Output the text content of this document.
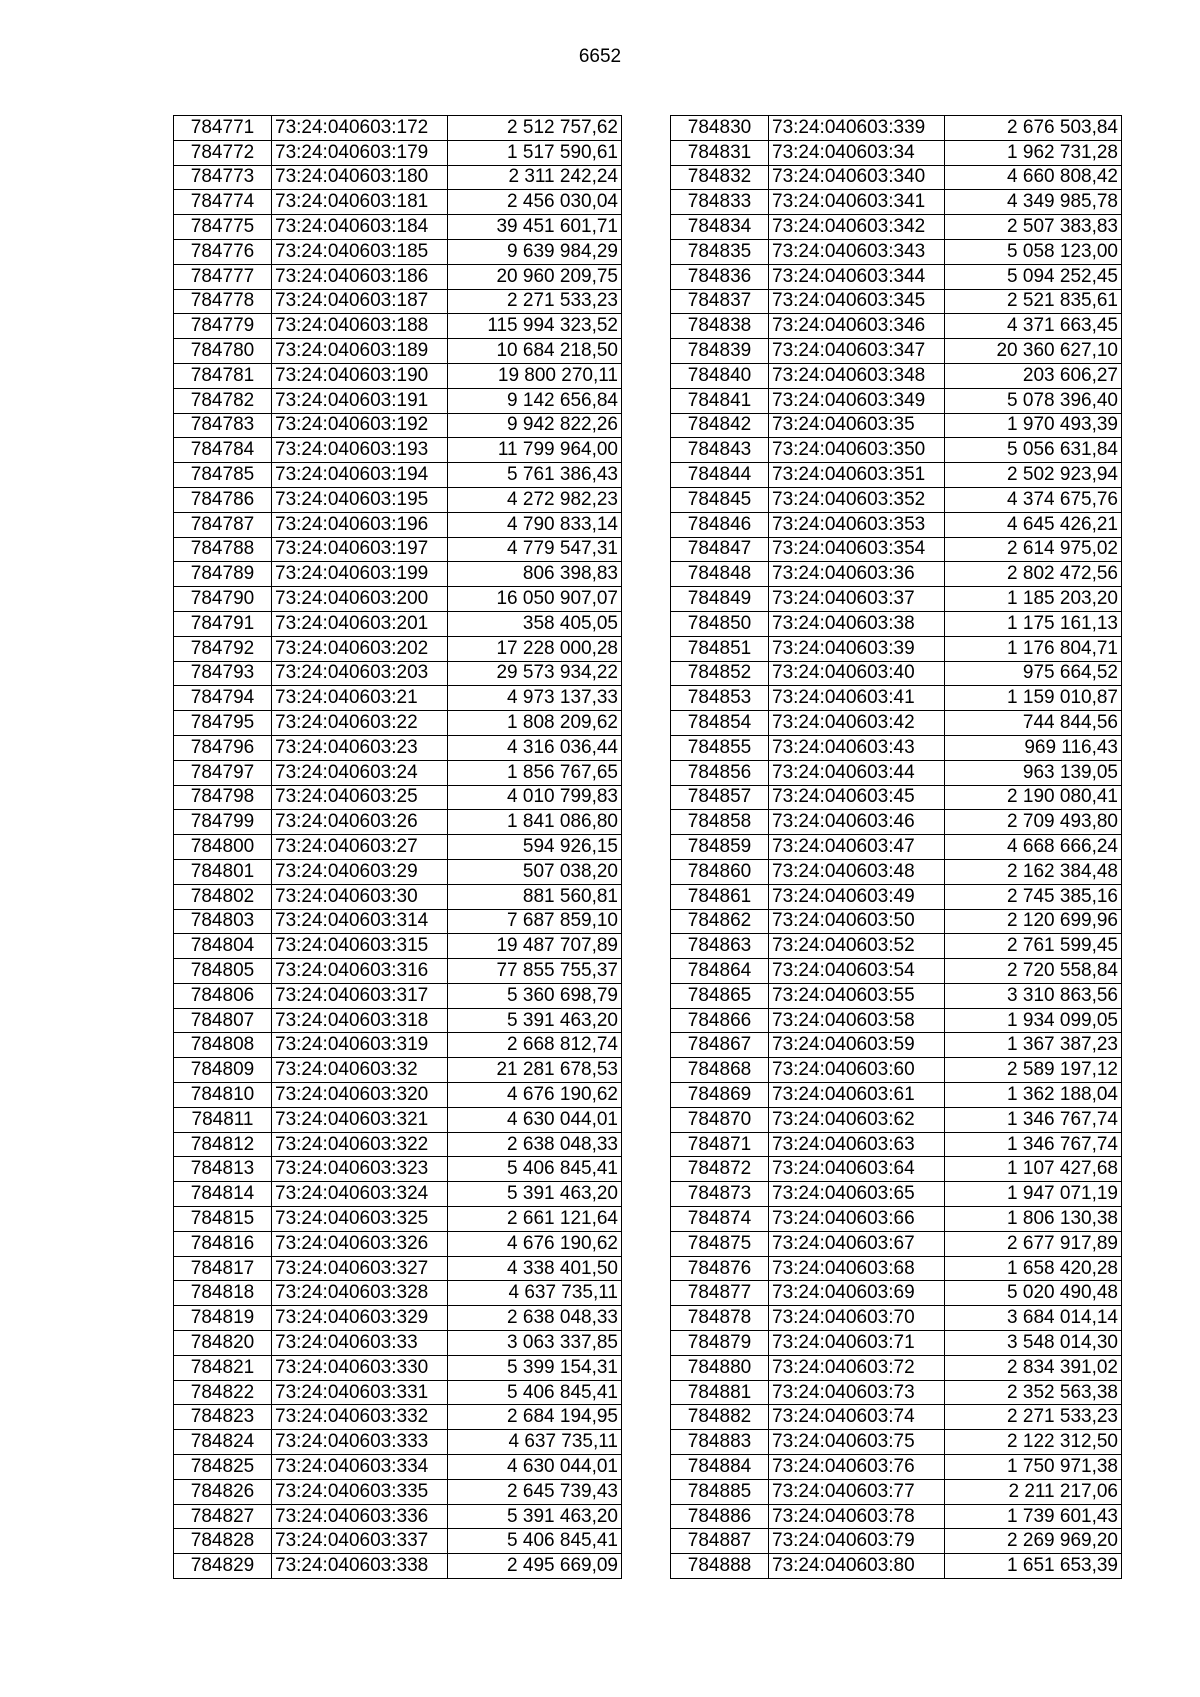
6652
784771	73:24:040603:172	2 512 757,62
784772	73:24:040603:179	1 517 590,61
784773	73:24:040603:180	2 311 242,24
784774	73:24:040603:181	2 456 030,04
784775	73:24:040603:184	39 451 601,71
784776	73:24:040603:185	9 639 984,29
784777	73:24:040603:186	20 960 209,75
784778	73:24:040603:187	2 271 533,23
784779	73:24:040603:188	115 994 323,52
784780	73:24:040603:189	10 684 218,50
784781	73:24:040603:190	19 800 270,11
784782	73:24:040603:191	9 142 656,84
784783	73:24:040603:192	9 942 822,26
784784	73:24:040603:193	11 799 964,00
784785	73:24:040603:194	5 761 386,43
784786	73:24:040603:195	4 272 982,23
784787	73:24:040603:196	4 790 833,14
784788	73:24:040603:197	4 779 547,31
784789	73:24:040603:199	806 398,83
784790	73:24:040603:200	16 050 907,07
784791	73:24:040603:201	358 405,05
784792	73:24:040603:202	17 228 000,28
784793	73:24:040603:203	29 573 934,22
784794	73:24:040603:21	4 973 137,33
784795	73:24:040603:22	1 808 209,62
784796	73:24:040603:23	4 316 036,44
784797	73:24:040603:24	1 856 767,65
784798	73:24:040603:25	4 010 799,83
784799	73:24:040603:26	1 841 086,80
784800	73:24:040603:27	594 926,15
784801	73:24:040603:29	507 038,20
784802	73:24:040603:30	881 560,81
784803	73:24:040603:314	7 687 859,10
784804	73:24:040603:315	19 487 707,89
784805	73:24:040603:316	77 855 755,37
784806	73:24:040603:317	5 360 698,79
784807	73:24:040603:318	5 391 463,20
784808	73:24:040603:319	2 668 812,74
784809	73:24:040603:32	21 281 678,53
784810	73:24:040603:320	4 676 190,62
784811	73:24:040603:321	4 630 044,01
784812	73:24:040603:322	2 638 048,33
784813	73:24:040603:323	5 406 845,41
784814	73:24:040603:324	5 391 463,20
784815	73:24:040603:325	2 661 121,64
784816	73:24:040603:326	4 676 190,62
784817	73:24:040603:327	4 338 401,50
784818	73:24:040603:328	4 637 735,11
784819	73:24:040603:329	2 638 048,33
784820	73:24:040603:33	3 063 337,85
784821	73:24:040603:330	5 399 154,31
784822	73:24:040603:331	5 406 845,41
784823	73:24:040603:332	2 684 194,95
784824	73:24:040603:333	4 637 735,11
784825	73:24:040603:334	4 630 044,01
784826	73:24:040603:335	2 645 739,43
784827	73:24:040603:336	5 391 463,20
784828	73:24:040603:337	5 406 845,41
784829	73:24:040603:338	2 495 669,09
784830	73:24:040603:339	2 676 503,84
784831	73:24:040603:34	1 962 731,28
784832	73:24:040603:340	4 660 808,42
784833	73:24:040603:341	4 349 985,78
784834	73:24:040603:342	2 507 383,83
784835	73:24:040603:343	5 058 123,00
784836	73:24:040603:344	5 094 252,45
784837	73:24:040603:345	2 521 835,61
784838	73:24:040603:346	4 371 663,45
784839	73:24:040603:347	20 360 627,10
784840	73:24:040603:348	203 606,27
784841	73:24:040603:349	5 078 396,40
784842	73:24:040603:35	1 970 493,39
784843	73:24:040603:350	5 056 631,84
784844	73:24:040603:351	2 502 923,94
784845	73:24:040603:352	4 374 675,76
784846	73:24:040603:353	4 645 426,21
784847	73:24:040603:354	2 614 975,02
784848	73:24:040603:36	2 802 472,56
784849	73:24:040603:37	1 185 203,20
784850	73:24:040603:38	1 175 161,13
784851	73:24:040603:39	1 176 804,71
784852	73:24:040603:40	975 664,52
784853	73:24:040603:41	1 159 010,87
784854	73:24:040603:42	744 844,56
784855	73:24:040603:43	969 116,43
784856	73:24:040603:44	963 139,05
784857	73:24:040603:45	2 190 080,41
784858	73:24:040603:46	2 709 493,80
784859	73:24:040603:47	4 668 666,24
784860	73:24:040603:48	2 162 384,48
784861	73:24:040603:49	2 745 385,16
784862	73:24:040603:50	2 120 699,96
784863	73:24:040603:52	2 761 599,45
784864	73:24:040603:54	2 720 558,84
784865	73:24:040603:55	3 310 863,56
784866	73:24:040603:58	1 934 099,05
784867	73:24:040603:59	1 367 387,23
784868	73:24:040603:60	2 589 197,12
784869	73:24:040603:61	1 362 188,04
784870	73:24:040603:62	1 346 767,74
784871	73:24:040603:63	1 346 767,74
784872	73:24:040603:64	1 107 427,68
784873	73:24:040603:65	1 947 071,19
784874	73:24:040603:66	1 806 130,38
784875	73:24:040603:67	2 677 917,89
784876	73:24:040603:68	1 658 420,28
784877	73:24:040603:69	5 020 490,48
784878	73:24:040603:70	3 684 014,14
784879	73:24:040603:71	3 548 014,30
784880	73:24:040603:72	2 834 391,02
784881	73:24:040603:73	2 352 563,38
784882	73:24:040603:74	2 271 533,23
784883	73:24:040603:75	2 122 312,50
784884	73:24:040603:76	1 750 971,38
784885	73:24:040603:77	2 211 217,06
784886	73:24:040603:78	1 739 601,43
784887	73:24:040603:79	2 269 969,20
784888	73:24:040603:80	1 651 653,39
